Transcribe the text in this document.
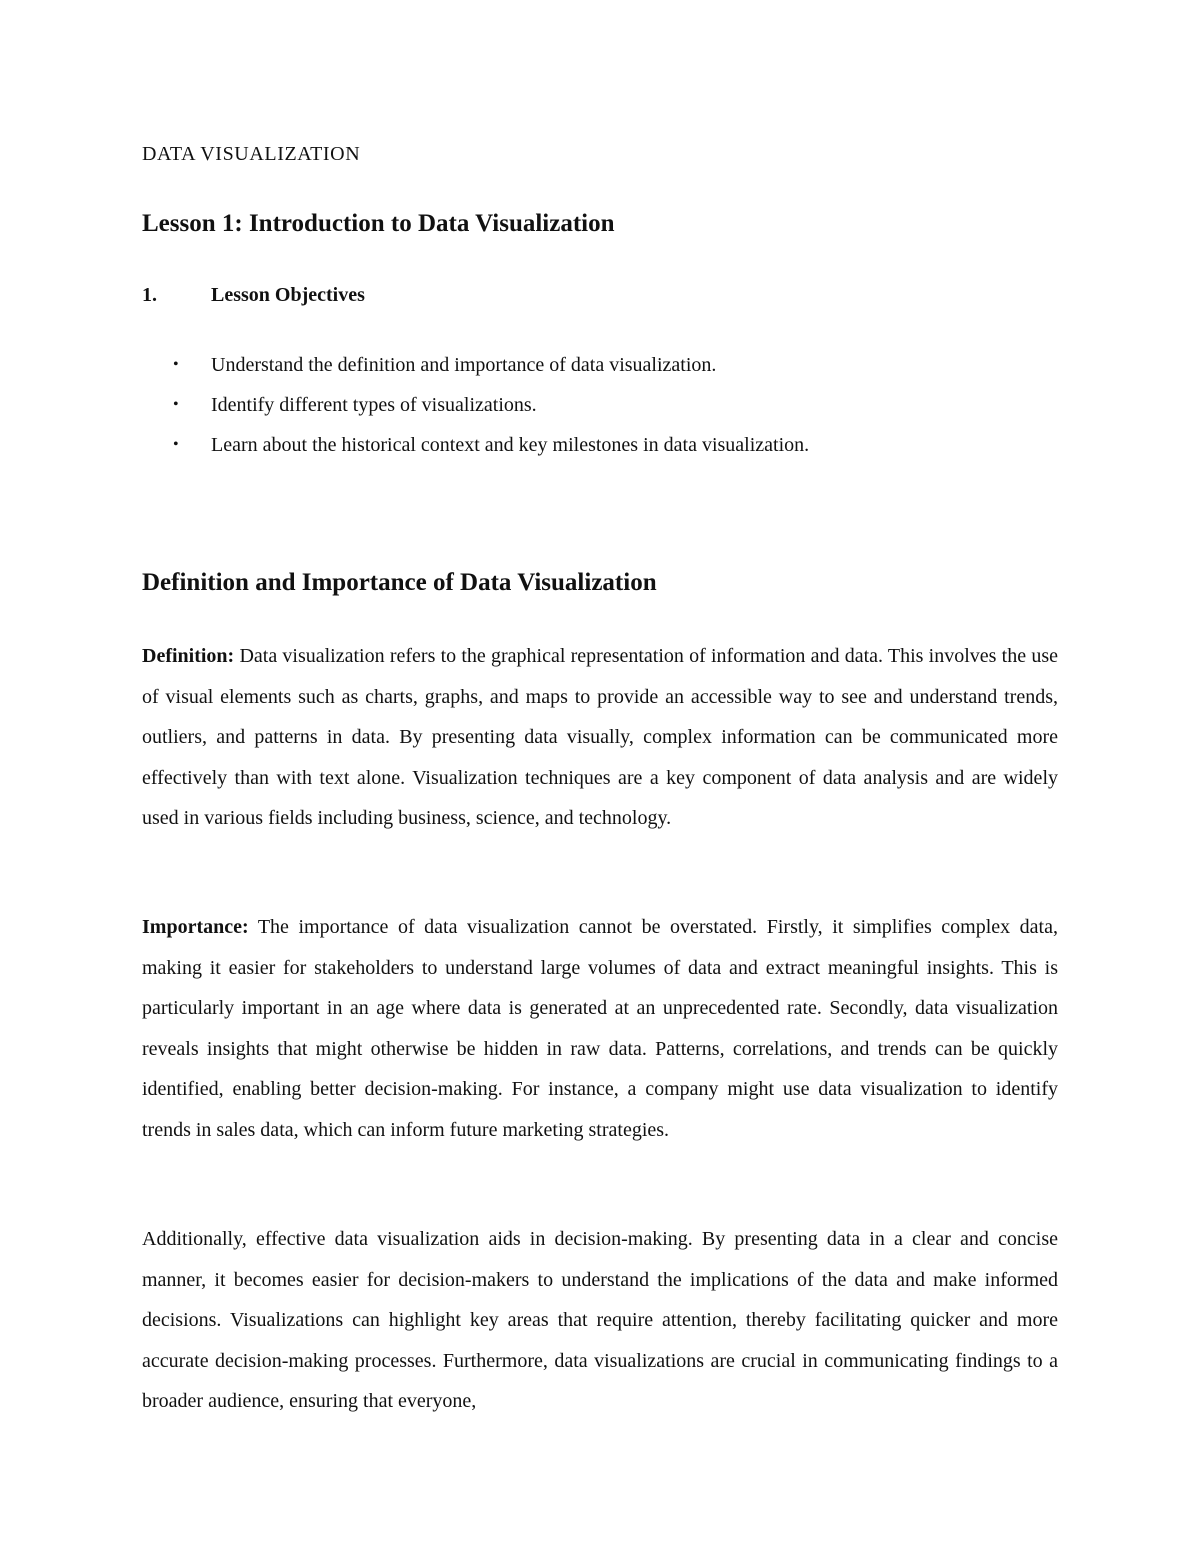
DATA VISUALIZATION
Lesson 1: Introduction to Data Visualization
1.	Lesson Objectives
•	Understand the definition and importance of data visualization.
•	Identify different types of visualizations.
•	Learn about the historical context and key milestones in data visualization.
Definition and Importance of Data Visualization

Definition: Data visualization refers to the graphical representation of information and data. This involves the use of visual elements such as charts, graphs, and maps to provide an accessible way to see and understand trends, outliers, and patterns in data. By presenting data visually, complex information can be communicated more effectively than with text alone. Visualization techniques are a key component of data analysis and are widely used in various fields including business, science, and technology.

Importance: The importance of data visualization cannot be overstated. Firstly, it simplifies complex data, making it easier for stakeholders to understand large volumes of data and extract meaningful insights. This is particularly important in an age where data is generated at an unprecedented rate. Secondly, data visualization reveals insights that might otherwise be hidden in raw data. Patterns, correlations, and trends can be quickly identified, enabling better decision-making. For instance, a company might use data visualization to identify trends in sales data, which can inform future marketing strategies.

Additionally, effective data visualization aids in decision-making. By presenting data in a clear and concise manner, it becomes easier for decision-makers to understand the implications of the data and make informed decisions. Visualizations can highlight key areas that require attention, thereby facilitating quicker and more accurate decision-making processes. Furthermore, data visualizations are crucial in communicating findings to a broader audience, ensuring that everyone,
